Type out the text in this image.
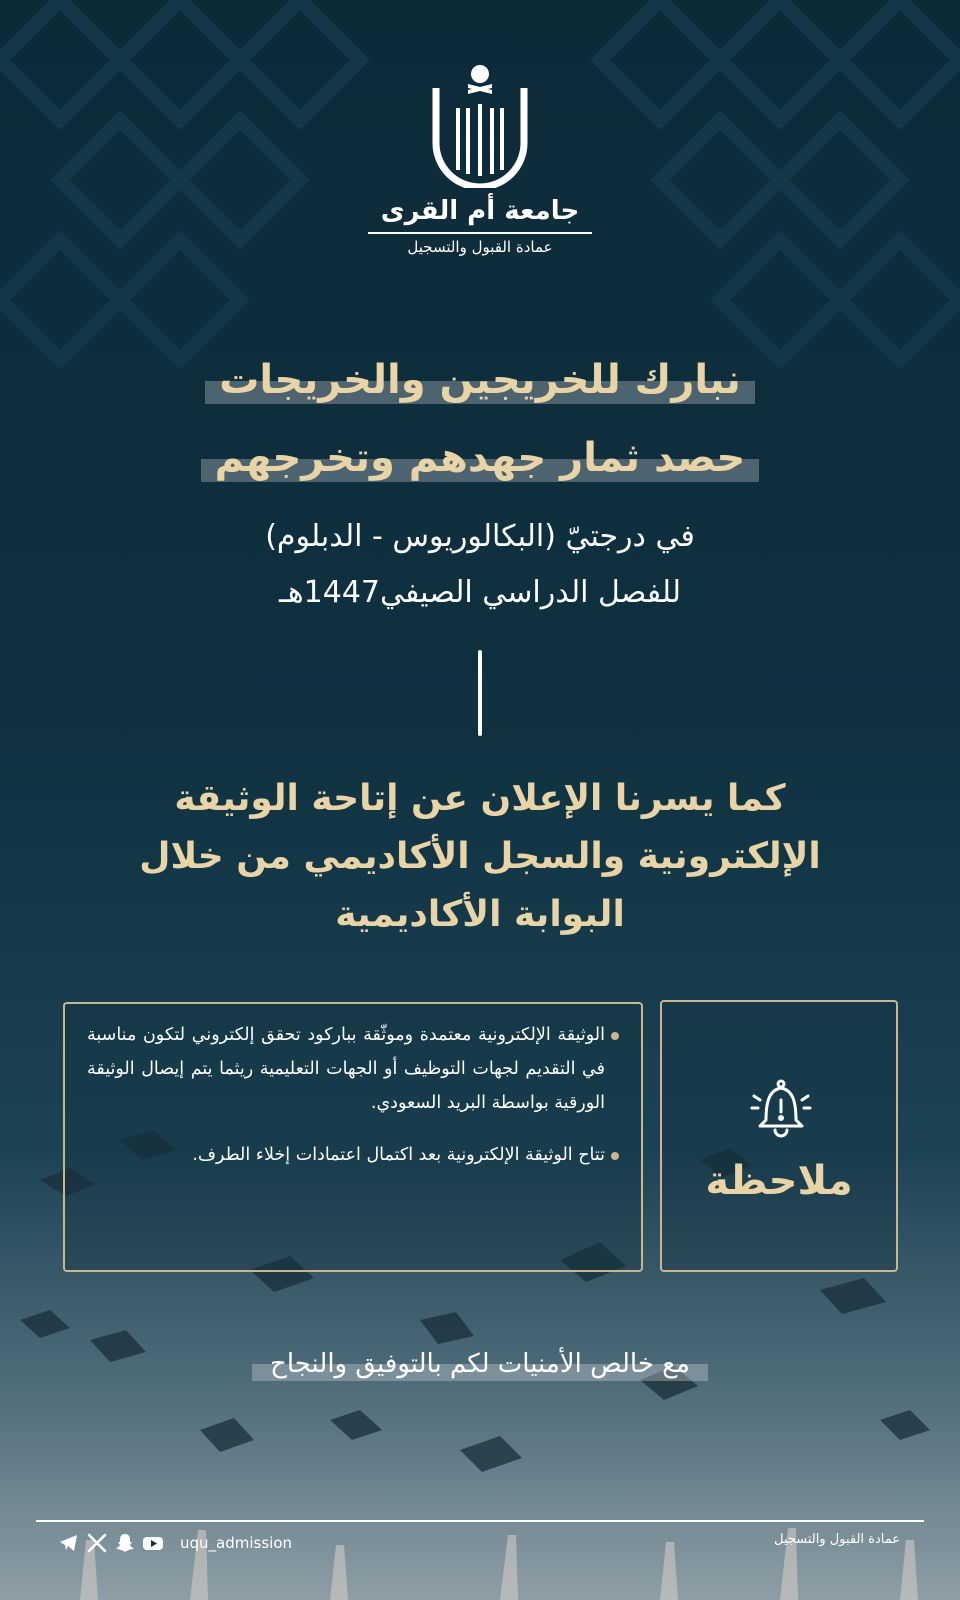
جامعة أم القرى
عمادة القبول والتسجيل
نبارك للخريجين والخريجات
حصد ثمار جهدهم وتخرجهم
في درجتيّ (البكالوريوس - الدبلوم)
للفصل الدراسي الصيفي1447هـ
كما يسرنا الإعلان عن إتاحة الوثيقة
الإلكترونية والسجل الأكاديمي من خلال
البوابة الأكاديمية
الوثيقة الإلكترونية معتمدة وموثّقة بباركود تحقق إلكتروني لتكون مناسبة في التقديم لجهات التوظيف أو الجهات التعليمية ريثما يتم إيصال الوثيقة الورقية بواسطة البريد السعودي.
تتاح الوثيقة الإلكترونية بعد اكتمال اعتمادات إخلاء الطرف.
ملاحظة
مع خالص الأمنيات لكم بالتوفيق والنجاح
عمادة القبول والتسجيل
uqu_admission
